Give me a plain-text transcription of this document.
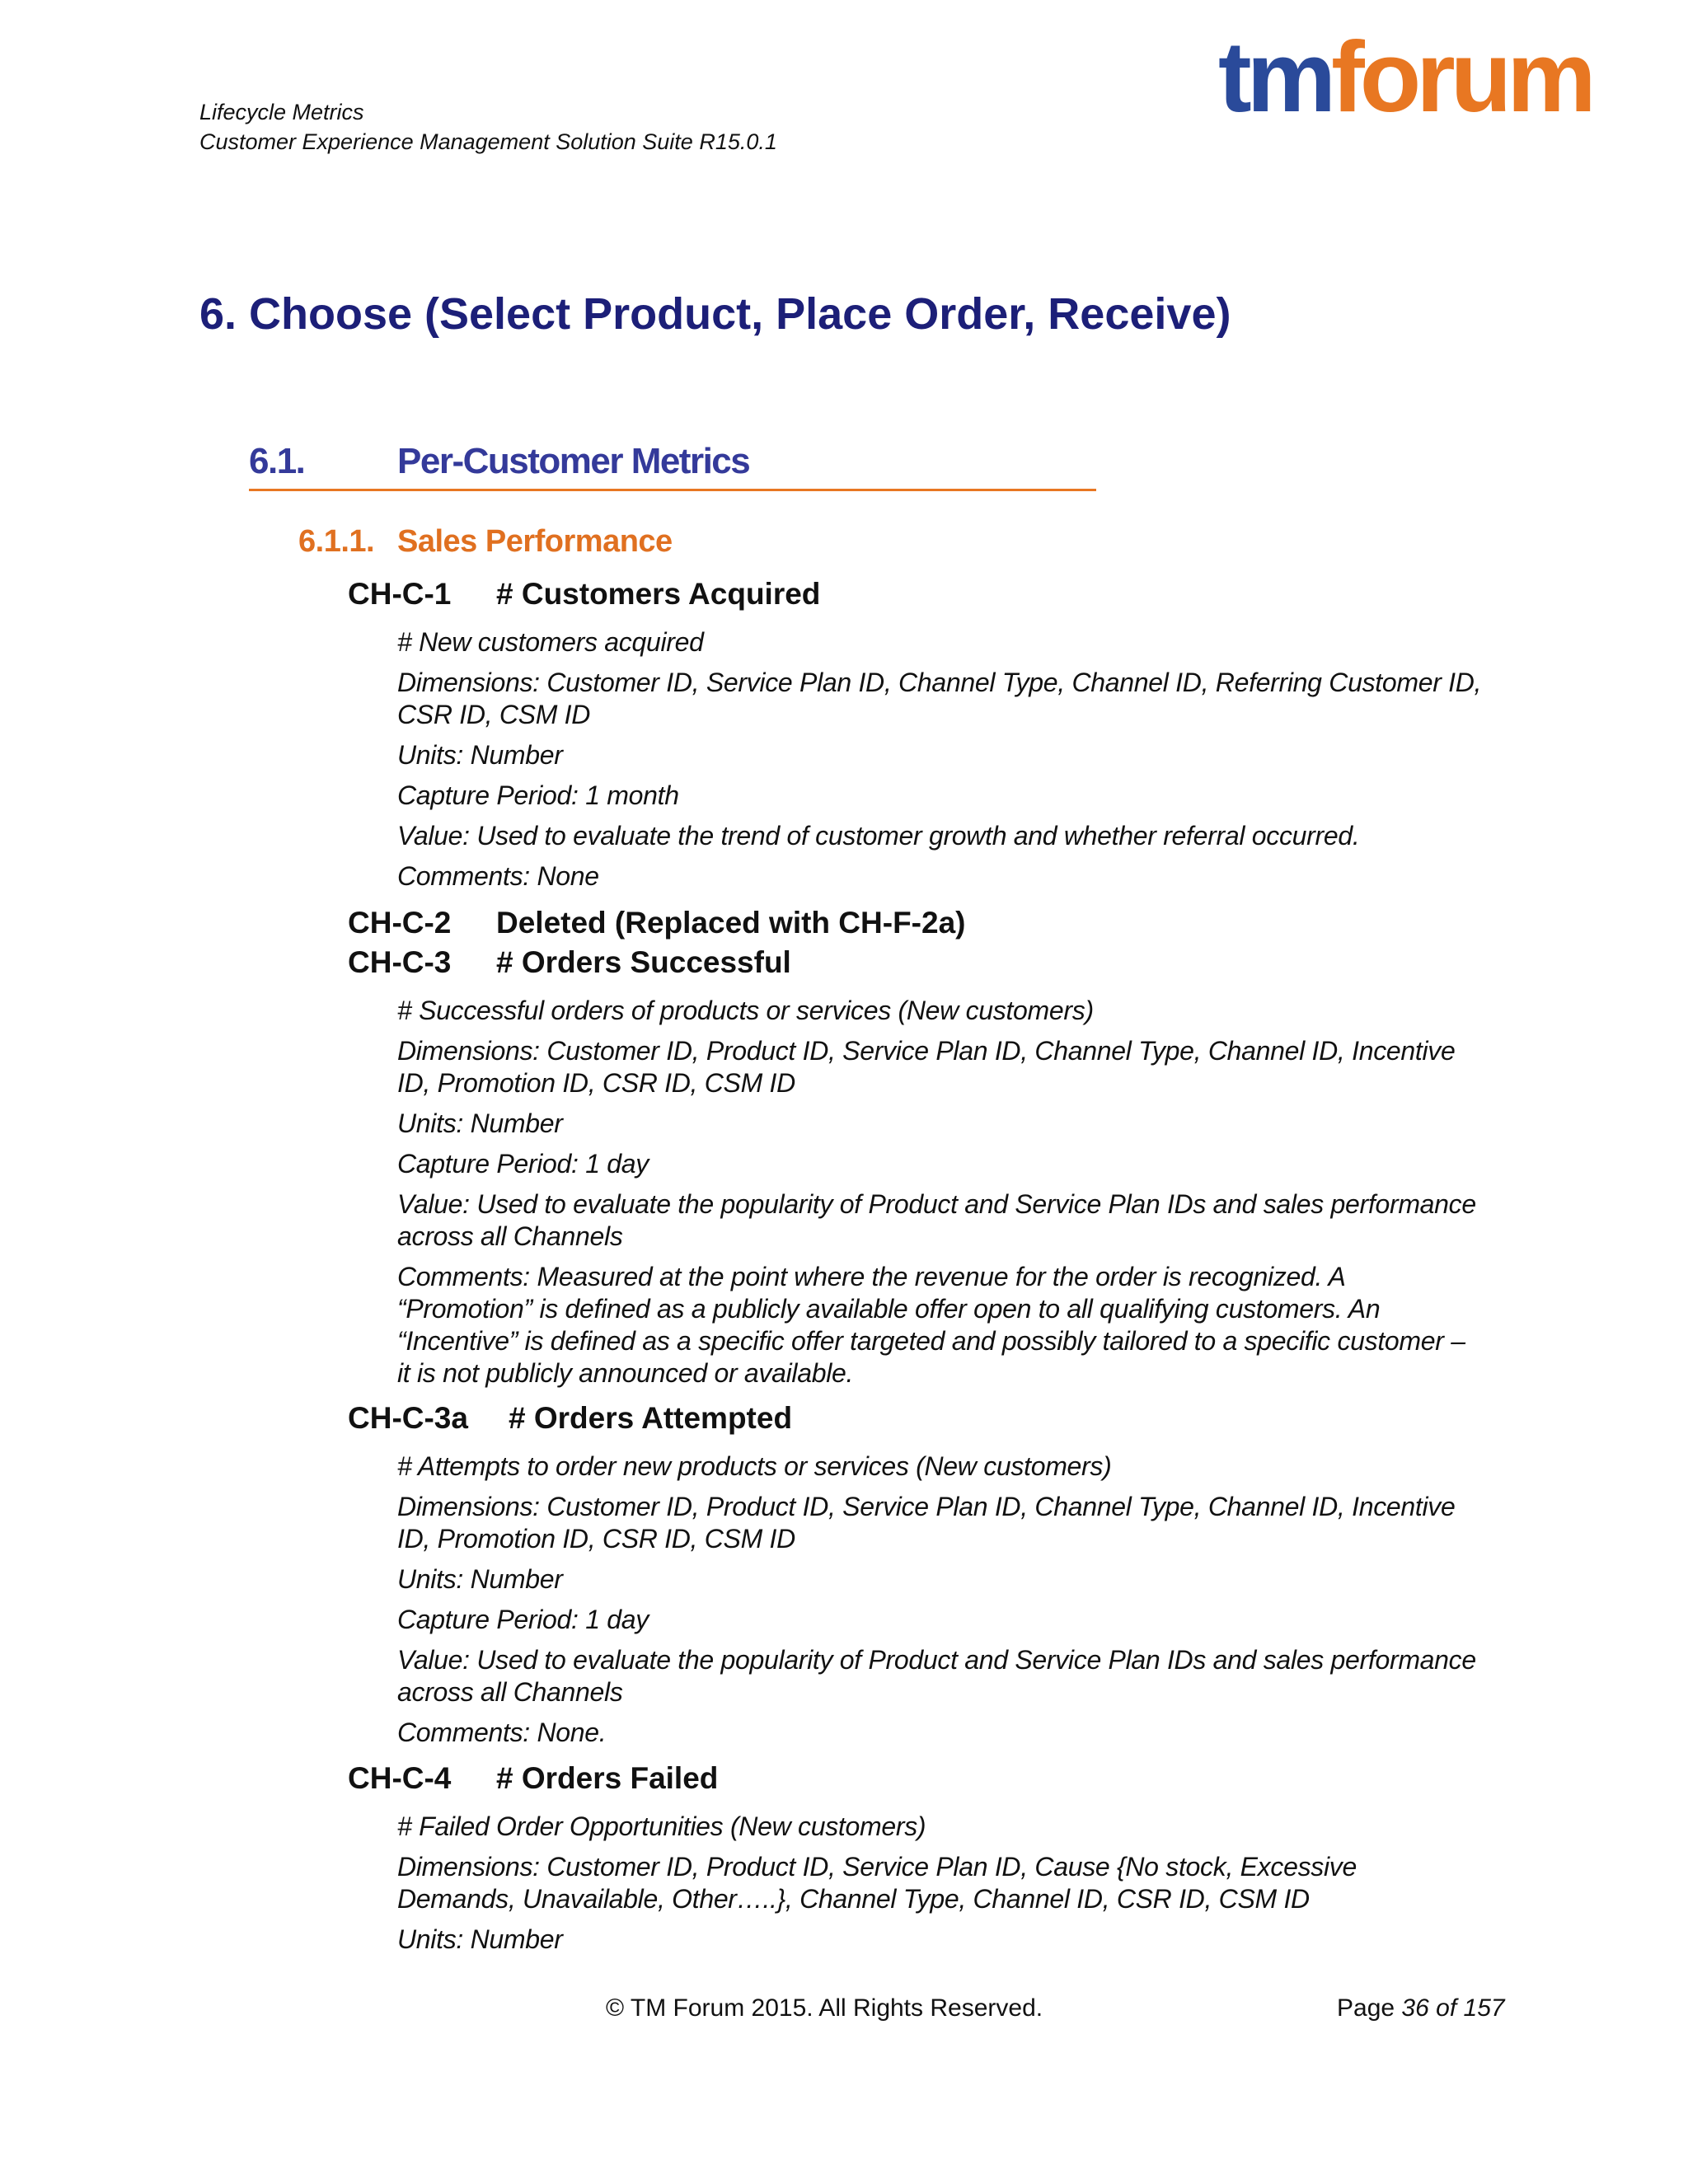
Lifecycle Metrics
Customer Experience Management Solution Suite R15.0.1
tmforum
6. Choose (Select Product, Place Order, Receive)
6.1.	Per-Customer Metrics
6.1.1. Sales Performance
CH-C-1	# Customers Acquired
# New customers acquired
Dimensions: Customer ID, Service Plan ID, Channel Type, Channel ID, Referring Customer ID,
CSR ID, CSM ID
Units: Number
Capture Period: 1 month
Value: Used to evaluate the trend of customer growth and whether referral occurred.
Comments: None
CH-C-2	Deleted (Replaced with CH-F-2a)
CH-C-3	# Orders Successful
# Successful orders of products or services (New customers)
Dimensions: Customer ID, Product ID, Service Plan ID, Channel Type, Channel ID, Incentive
ID, Promotion ID, CSR ID, CSM ID
Units: Number
Capture Period: 1 day
Value: Used to evaluate the popularity of Product and Service Plan IDs and sales performance
across all Channels
Comments: Measured at the point where the revenue for the order is recognized. A
“Promotion” is defined as a publicly available offer open to all qualifying customers. An
“Incentive” is defined as a specific offer targeted and possibly tailored to a specific customer –
it is not publicly announced or available.
CH-C-3a	# Orders Attempted
# Attempts to order new products or services (New customers)
Dimensions: Customer ID, Product ID, Service Plan ID, Channel Type, Channel ID, Incentive
ID, Promotion ID, CSR ID, CSM ID
Units: Number
Capture Period: 1 day
Value: Used to evaluate the popularity of Product and Service Plan IDs and sales performance
across all Channels
Comments: None.
CH-C-4	# Orders Failed
# Failed Order Opportunities (New customers)
Dimensions: Customer ID, Product ID, Service Plan ID, Cause {No stock, Excessive
Demands, Unavailable, Other…..}, Channel Type, Channel ID, CSR ID, CSM ID
Units: Number
© TM Forum 2015. All Rights Reserved.	Page 36 of 157
